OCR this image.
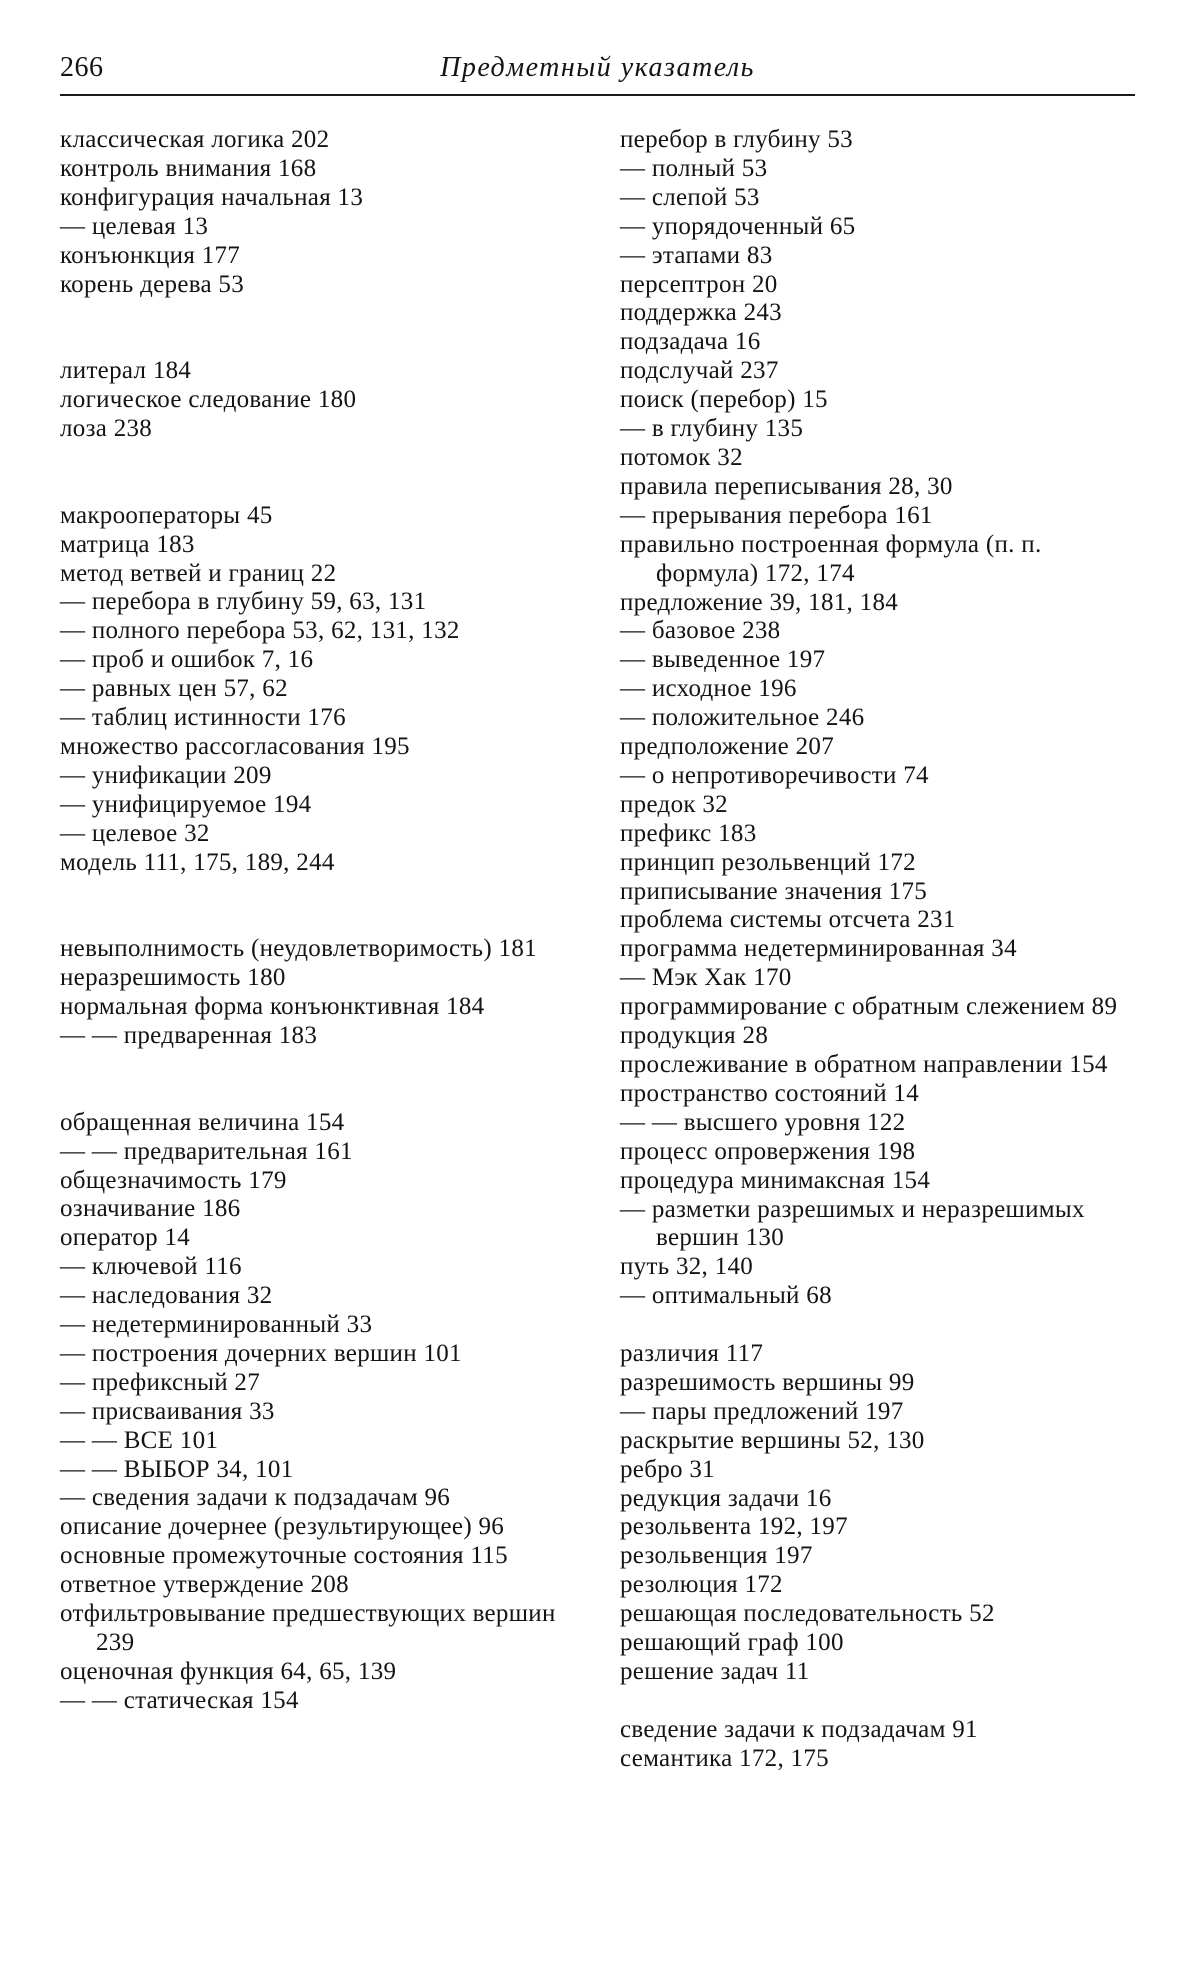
266	Предметный указатель
классическая логика 202
контроль внимания 168
конфигурация начальная 13
— целевая 13
конъюнкция 177
корень дерева 53
литерал 184
логическое следование 180
лоза 238
макрооператоры 45
матрица 183
метод ветвей и границ 22
— перебора в глубину 59, 63, 131
— полного перебора 53, 62, 131, 132
— проб и ошибок 7, 16
— равных цен 57, 62
— таблиц истинности 176
множество рассогласования 195
— унификации 209
— унифицируемое 194
— целевое 32
модель 111, 175, 189, 244
невыполнимость (неудовлетворимость) 181
неразрешимость 180
нормальная форма конъюнктивная 184
— — предваренная 183
обращенная величина 154
— — предварительная 161
общезначимость 179
означивание 186
оператор 14
— ключевой 116
— наследования 32
— недетерминированный 33
— построения дочерних вершин 101
— префиксный 27
— присваивания 33
— — ВСЕ 101
— — ВЫБОР 34, 101
— сведения задачи к подзадачам 96
описание дочернее (результирующее) 96
основные промежуточные состояния 115
ответное утверждение 208
отфильтровывание предшествующих вершин 239
оценочная функция 64, 65, 139
— — статическая 154
перебор в глубину 53
— полный 53
— слепой 53
— упорядоченный 65
— этапами 83
персептрон 20
поддержка 243
подзадача 16
подслучай 237
поиск (перебор) 15
— в глубину 135
потомок 32
правила переписывания 28, 30
— прерывания перебора 161
правильно построенная формула (п. п. формула) 172, 174
предложение 39, 181, 184
— базовое 238
— выведенное 197
— исходное 196
— положительное 246
предположение 207
— о непротиворечивости 74
предок 32
префикс 183
принцип резольвенций 172
приписывание значения 175
проблема системы отсчета 231
программа недетерминированная 34
— Мэк Хак 170
программирование с обратным слежением 89
продукция 28
прослеживание в обратном направлении 154
пространство состояний 14
— — высшего уровня 122
процесс опровержения 198
процедура минимаксная 154
— разметки разрешимых и неразрешимых вершин 130
путь 32, 140
— оптимальный 68
различия 117
разрешимость вершины 99
— пары предложений 197
раскрытие вершины 52, 130
ребро 31
редукция задачи 16
резольвента 192, 197
резольвенция 197
резолюция 172
решающая последовательность 52
решающий граф 100
решение задач 11
сведение задачи к подзадачам 91
семантика 172, 175
